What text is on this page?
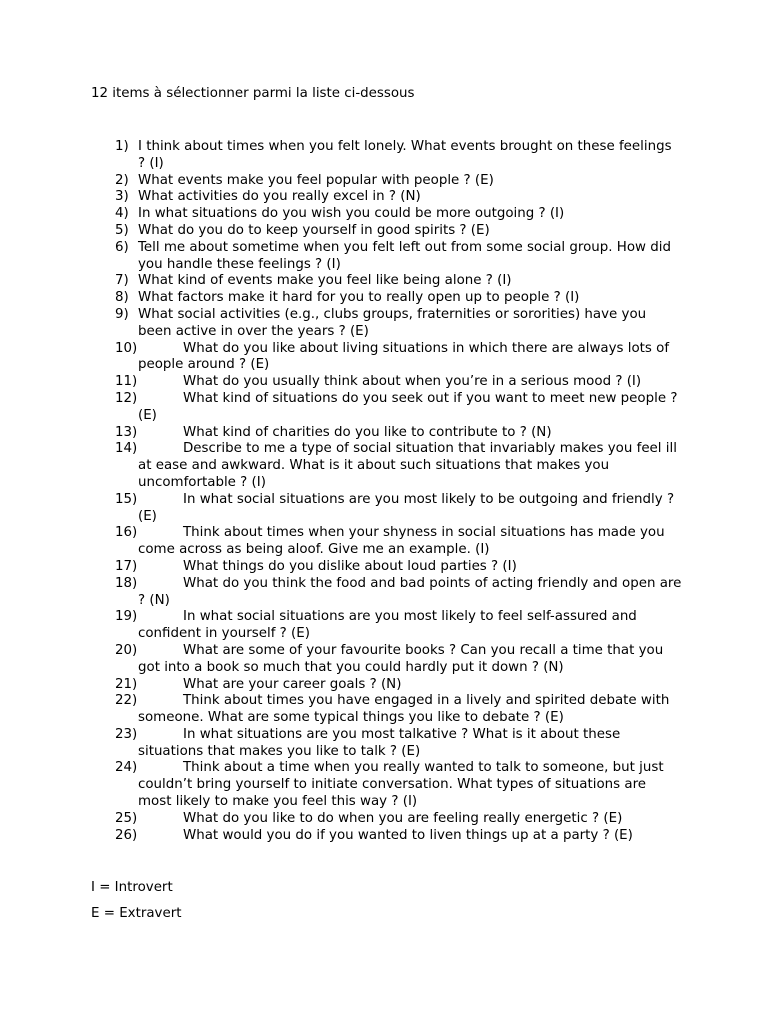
12 items à sélectionner parmi la liste ci-dessous
1) I think about times when you felt lonely. What events brought on these feelings ? (I)
2) What events make you feel popular with people ? (E)
3) What activities do you really excel in ? (N)
4) In what situations do you wish you could be more outgoing ? (I)
5) What do you do to keep yourself in good spirits ? (E)
6) Tell me about sometime when you felt left out from some social group. How did you handle these feelings ? (I)
7) What kind of events make you feel like being alone ? (I)
8) What factors make it hard for you to really open up to people ? (I)
9) What social activities (e.g., clubs groups, fraternities or sororities) have you been active in over the years ? (E)
10)	What do you like about living situations in which there are always lots of people around ? (E)
11)	What do you usually think about when you’re in a serious mood ? (I)
12)	What kind of situations do you seek out if you want to meet new people ? (E)
13)	What kind of charities do you like to contribute to ? (N)
14)	Describe to me a type of social situation that invariably makes you feel ill at ease and awkward. What is it about such situations that makes you uncomfortable ? (I)
15)	In what social situations are you most likely to be outgoing and friendly ? (E)
16)	Think about times when your shyness in social situations has made you come across as being aloof. Give me an example. (I)
17)	What things do you dislike about loud parties ? (I)
18)	What do you think the food and bad points of acting friendly and open are ? (N)
19)	In what social situations are you most likely to feel self-assured and confident in yourself ? (E)
20)	What are some of your favourite books ? Can you recall a time that you got into a book so much that you could hardly put it down ? (N)
21)	What are your career goals ? (N)
22)	Think about times you have engaged in a lively and spirited debate with someone. What are some typical things you like to debate ? (E)
23)	In what situations are you most talkative ? What is it about these situations that makes you like to talk ? (E)
24)	Think about a time when you really wanted to talk to someone, but just couldn’t bring yourself to initiate conversation. What types of situations are most likely to make you feel this way ? (I)
25)	What do you like to do when you are feeling really energetic ? (E)
26)	What would you do if you wanted to liven things up at a party ? (E)
I = Introvert
E = Extravert
